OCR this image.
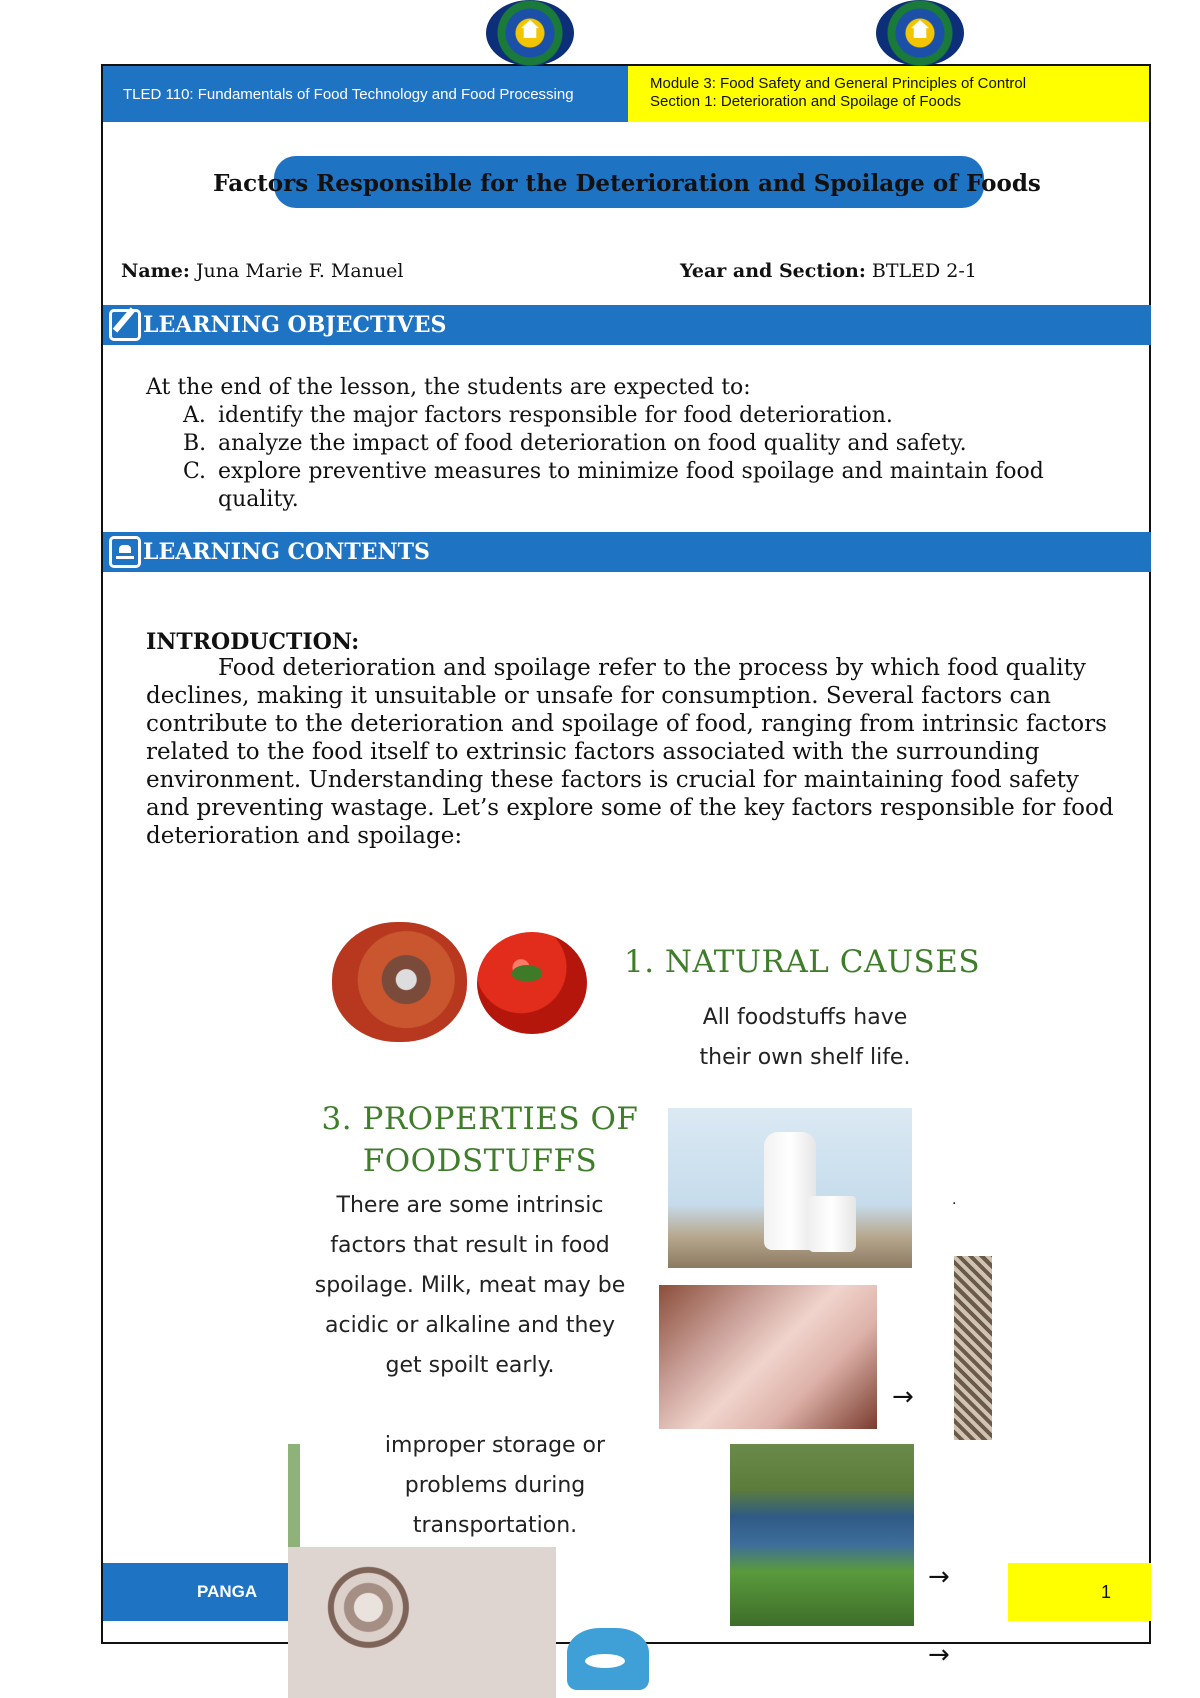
TLED 110: Fundamentals of Food Technology and Food Processing
Module 3: Food Safety and General Principles of Control
Section 1: Deterioration and Spoilage of Foods
Factors Responsible for the Deterioration and Spoilage of Foods
Name: Juna Marie F. Manuel	Year and Section: BTLED 2-1
LEARNING OBJECTIVES
At the end of the lesson, the students are expected to:
A. identify the major factors responsible for food deterioration.
B. analyze the impact of food deterioration on food quality and safety.
C. explore preventive measures to minimize food spoilage and maintain food quality.
LEARNING CONTENTS
INTRODUCTION:
Food deterioration and spoilage refer to the process by which food quality declines, making it unsuitable or unsafe for consumption. Several factors can contribute to the deterioration and spoilage of food, ranging from intrinsic factors related to the food itself to extrinsic factors associated with the surrounding environment. Understanding these factors is crucial for maintaining food safety and preventing wastage. Let’s explore some of the key factors responsible for food deterioration and spoilage:
1. NATURAL CAUSES
All foodstuffs have
their own shelf life.
3. PROPERTIES OF
FOODSTUFFS
There are some intrinsic
factors that result in food
spoilage. Milk, meat may be
acidic or alkaline and they
get spoilt early.
.
→
PANGA	1
improper storage or
problems during
transportation.
→
→
